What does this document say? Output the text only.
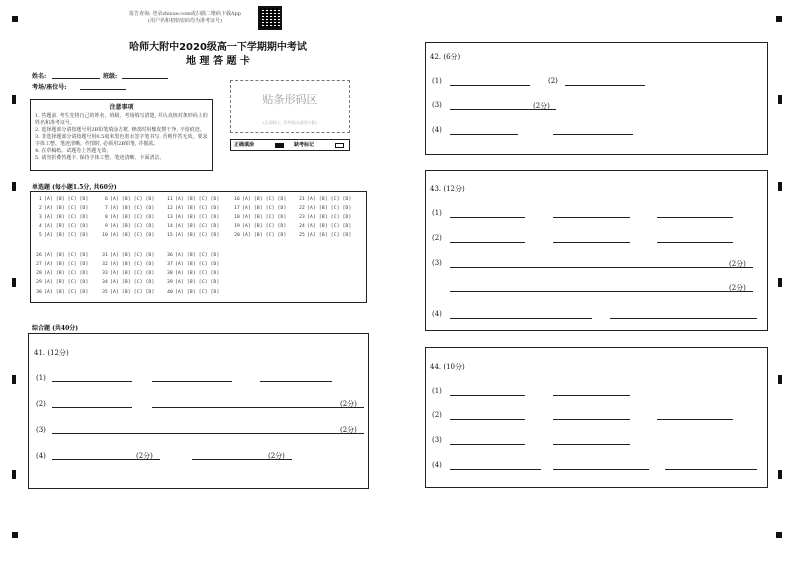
报告查询: 登录zhixue.com或扫描二维码下载App
(用户名和初始密码均为准考证号)
哈师大附中2020级高一下学期期中考试
地 理 答 题 卡
姓名:	班级:
考场/座位号:
注意事项
1. 答题前, 考生先将自己的姓名、班级、考场填写清楚, 并认真核对条形码上的姓名和准考证号。
2. 选择题部分请按题号用2B铅笔填涂方框, 修改时用橡皮擦干净, 不留痕迹。
3. 非选择题部分请按题号用0.5毫米黑色墨水签字笔书写, 否则作答无效。要求字体工整、笔迹清晰。作图时, 必须用2B铅笔, 并描浓。
4. 在草稿纸、试题卷上答题无效。
5. 请勿折叠答题卡, 保持字体工整、笔迹清晰、卡面清洁。
贴条形码区
(正面朝上, 切勿贴出虚线方框)
正确填涂	缺考标记
单选题 (每小题1.5分, 共60分)
1 [A] [B] [C] [D]
2 [A] [B] [C] [D]
3 [A] [B] [C] [D]
4 [A] [B] [C] [D]
5 [A] [B] [C] [D]
6 [A] [B] [C] [D]
7 [A] [B] [C] [D]
8 [A] [B] [C] [D]
9 [A] [B] [C] [D]
10 [A] [B] [C] [D]
11 [A] [B] [C] [D]
12 [A] [B] [C] [D]
13 [A] [B] [C] [D]
14 [A] [B] [C] [D]
15 [A] [B] [C] [D]
16 [A] [B] [C] [D]
17 [A] [B] [C] [D]
18 [A] [B] [C] [D]
19 [A] [B] [C] [D]
20 [A] [B] [C] [D]
21 [A] [B] [C] [D]
22 [A] [B] [C] [D]
23 [A] [B] [C] [D]
24 [A] [B] [C] [D]
25 [A] [B] [C] [D]
26 [A] [B] [C] [D]
27 [A] [B] [C] [D]
28 [A] [B] [C] [D]
29 [A] [B] [C] [D]
30 [A] [B] [C] [D]
31 [A] [B] [C] [D]
32 [A] [B] [C] [D]
33 [A] [B] [C] [D]
34 [A] [B] [C] [D]
35 [A] [B] [C] [D]
36 [A] [B] [C] [D]
37 [A] [B] [C] [D]
38 [A] [B] [C] [D]
39 [A] [B] [C] [D]
40 [A] [B] [C] [D]
综合题 (共40分)
41. (12分)
(1)
(2)	(2分)
(3)	(2分)
(4)	(2分)	(2分)
42. (6分)
(1)	(2)
(3)	(2分)
(4)
43. (12分)
(1)
(2)
(3)	(2分)
(2分)
(4)
44. (10分)
(1)
(2)
(3)
(4)
